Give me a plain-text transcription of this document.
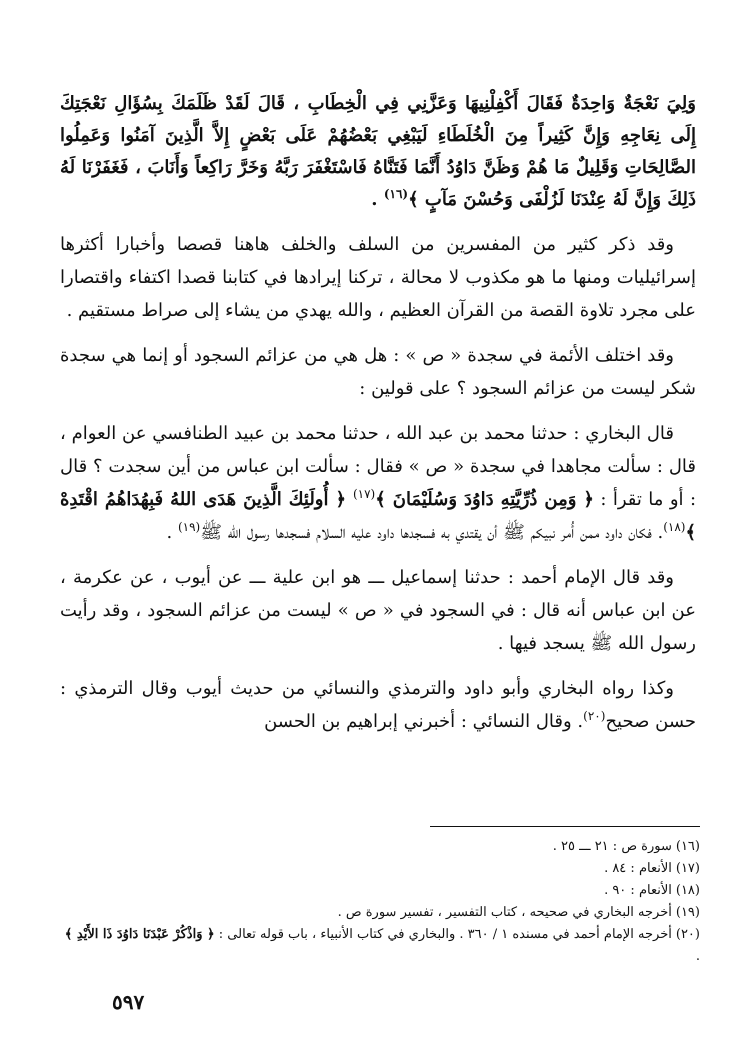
وَلِيَ نَعْجَةٌ وَاحِدَةٌ فَقَالَ أَكْفِلْنِيهَا وَعَزَّنِي فِي الْخِطَابِ ، قَالَ لَقَدْ ظَلَمَكَ بِسُؤَالِ نَعْجَتِكَ إِلَى نِعَاجِهِ وَإِنَّ كَثِيراً مِنَ الْخُلَطَاءِ لَيَبْغِي بَعْضُهُمْ عَلَى بَعْضٍ إِلاَّ الَّذِينَ آمَنُوا وَعَمِلُوا الصَّالِحَاتِ وَقَلِيلٌ مَا هُمْ وَظَنَّ دَاوُدُ أَنَّمَا فَتَنَّاهُ فَاسْتَغْفَرَ رَبَّهُ وَخَرَّ رَاكِعاً وَأَنَابَ ، فَغَفَرْنَا لَهُ ذَلِكَ وَإِنَّ لَهُ عِنْدَنَا لَزُلْفَى وَحُسْنَ مَآبٍ ﴾$^{(١٦)}$ .

وقد ذكر كثير من المفسرين من السلف والخلف هاهنا قصصا وأخبارا أكثرها إسرائيليات ومنها ما هو مكذوب لا محالة ، تركنا إيرادها في كتابنا قصدا اكتفاء واقتصارا على مجرد تلاوة القصة من القرآن العظيم ، والله يهدي من يشاء إلى صراط مستقيم .

وقد اختلف الأئمة في سجدة « ص » : هل هي من عزائم السجود أو إنما هي سجدة شكر ليست من عزائم السجود ؟ على قولين :

قال البخاري : حدثنا محمد بن عبد الله ، حدثنا محمد بن عبيد الطنافسي عن العوام ، قال : سألت مجاهدا في سجدة « ص » فقال : سألت ابن عباس من أين سجدت ؟ قال : أو ما تقرأ : ﴿ وَمِن ذُرِّيَّتِهِ دَاوُدَ وَسُلَيْمَانَ ﴾$^{(١٧)}$ ﴿ أُولَئِكَ الَّذِينَ هَدَى اللهُ فَبِهُدَاهُمُ اقْتَدِهْ ﴾$^{(١٨)}$. فكان داود ممن أُمر نبيكم ﷺ أن يقتدي به فسجدها داود عليه السلام فسجدها رسول الله ﷺ$^{(١٩)}$ .

وقد قال الإمام أحمد : حدثنا إسماعيل ـــ هو ابن علية ـــ عن أيوب ، عن عكرمة ، عن ابن عباس أنه قال : في السجود في « ص » ليست من عزائم السجود ، وقد رأيت رسول الله ﷺ يسجد فيها .

وكذا رواه البخاري وأبو داود والترمذي والنسائي من حديث أيوب وقال الترمذي : حسن صحيح$^{(٢٠)}$. وقال النسائي : أخبرني إبراهيم بن الحسن

(١٦)سورة ص : ٢١ ـــ ٢٥ .

(١٧)الأنعام : ٨٤ .

(١٨)الأنعام : ٩٠ .

(١٩)أخرجه البخاري في صحيحه ، كتاب التفسير ، تفسير سورة ص .

(٢٠)أخرجه الإمام أحمد في مسنده ١ / ٣٦٠ . والبخاري في كتاب الأنبياء ، باب قوله تعالى : ﴿ وَاذْكُرْ عَبْدَنَا دَاوُدَ ذَا الأَيْدِ ﴾ .

٥٩٧
